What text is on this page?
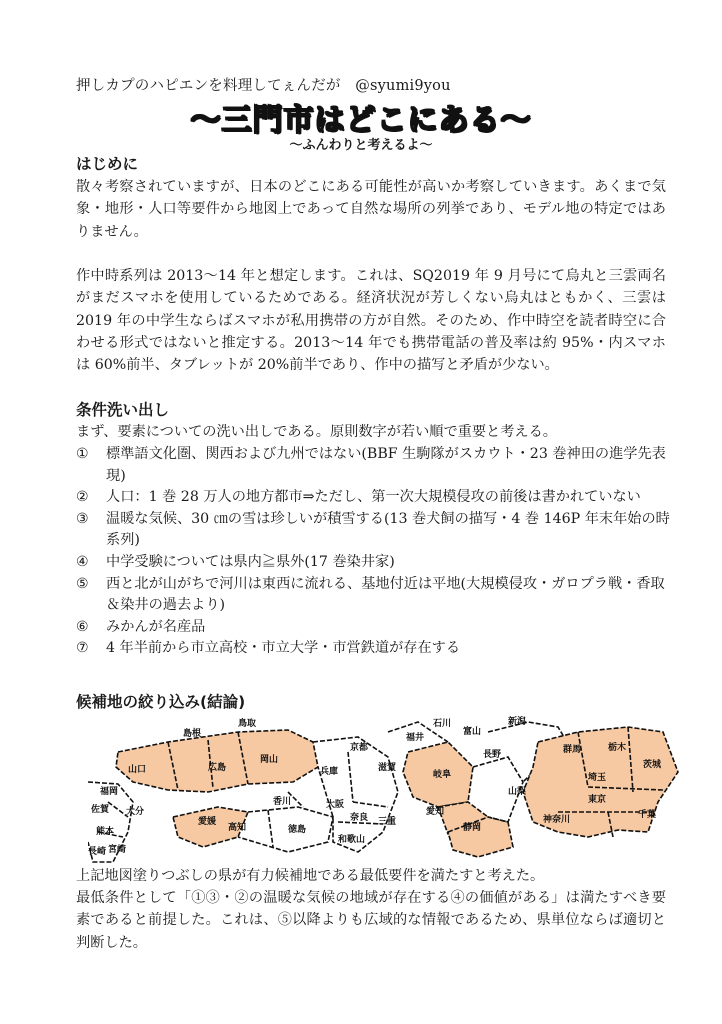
押しカプのハピエンを料理してぇんだが　@syumi9you
〜三門市はどこにある〜
〜ふんわりと考えるよ〜
はじめに

散々考察されていますが、日本のどこにある可能性が高いか考察していきます。あくまで気象・地形・人口等要件から地図上であって自然な場所の列挙であり、モデル地の特定ではありません。

作中時系列は 2013〜14 年と想定します。これは、SQ2019 年 9 月号にて烏丸と三雲両名がまだスマホを使用しているためである。経済状況が芳しくない烏丸はともかく、三雲は 2019 年の中学生ならばスマホが私用携帯の方が自然。そのため、作中時空を読者時空に合わせる形式ではないと推定する。2013〜14 年でも携帯電話の普及率は約 95%・内スマホは 60%前半、タブレットが 20%前半であり、作中の描写と矛盾が少ない。

条件洗い出し

まず、要素についての洗い出しである。原則数字が若い順で重要と考える。

① 標準語文化圏、関西および九州ではない(BBF 生駒隊がスカウト・23 巻神田の進学先表現)
② 人口：1 巻 28 万人の地方都市⇒ただし、第一次大規模侵攻の前後は書かれていない
③ 温暖な気候、30 ㎝の雪は珍しいが積雪する(13 巻犬飼の描写・4 巻 146P 年末年始の時系列)
④ 中学受験については県内≧県外(17 巻染井家)
⑤ 西と北が山がちで河川は東西に流れる、基地付近は平地(大規模侵攻・ガロプラ戦・香取＆染井の過去より)
⑥ みかんが名産品
⑦ 4 年半前から市立高校・市立大学・市営鉄道が存在する
候補地の絞り込み(結論)
鳥取
島根
山口	広島
岡山
兵庫
京都
滋賀
福井
石川
岐阜
長野
山梨
静岡
愛知
三重
奈良
大阪
和歌山
香川
愛媛
徳島
高知
福岡
佐賀 大分
熊本
宮崎
群馬	栃木
茨城
埼玉
東京
千葉
神奈川
新潟
富山
長崎

上記地図塗りつぶしの県が有力候補地である最低要件を満たすと考えた。

最低条件として「①③・②の温暖な気候の地域が存在する④の価値がある」は満たすべき要素であると前提した。これは、⑤以降よりも広域的な情報であるため、県単位ならば適切と判断した。
